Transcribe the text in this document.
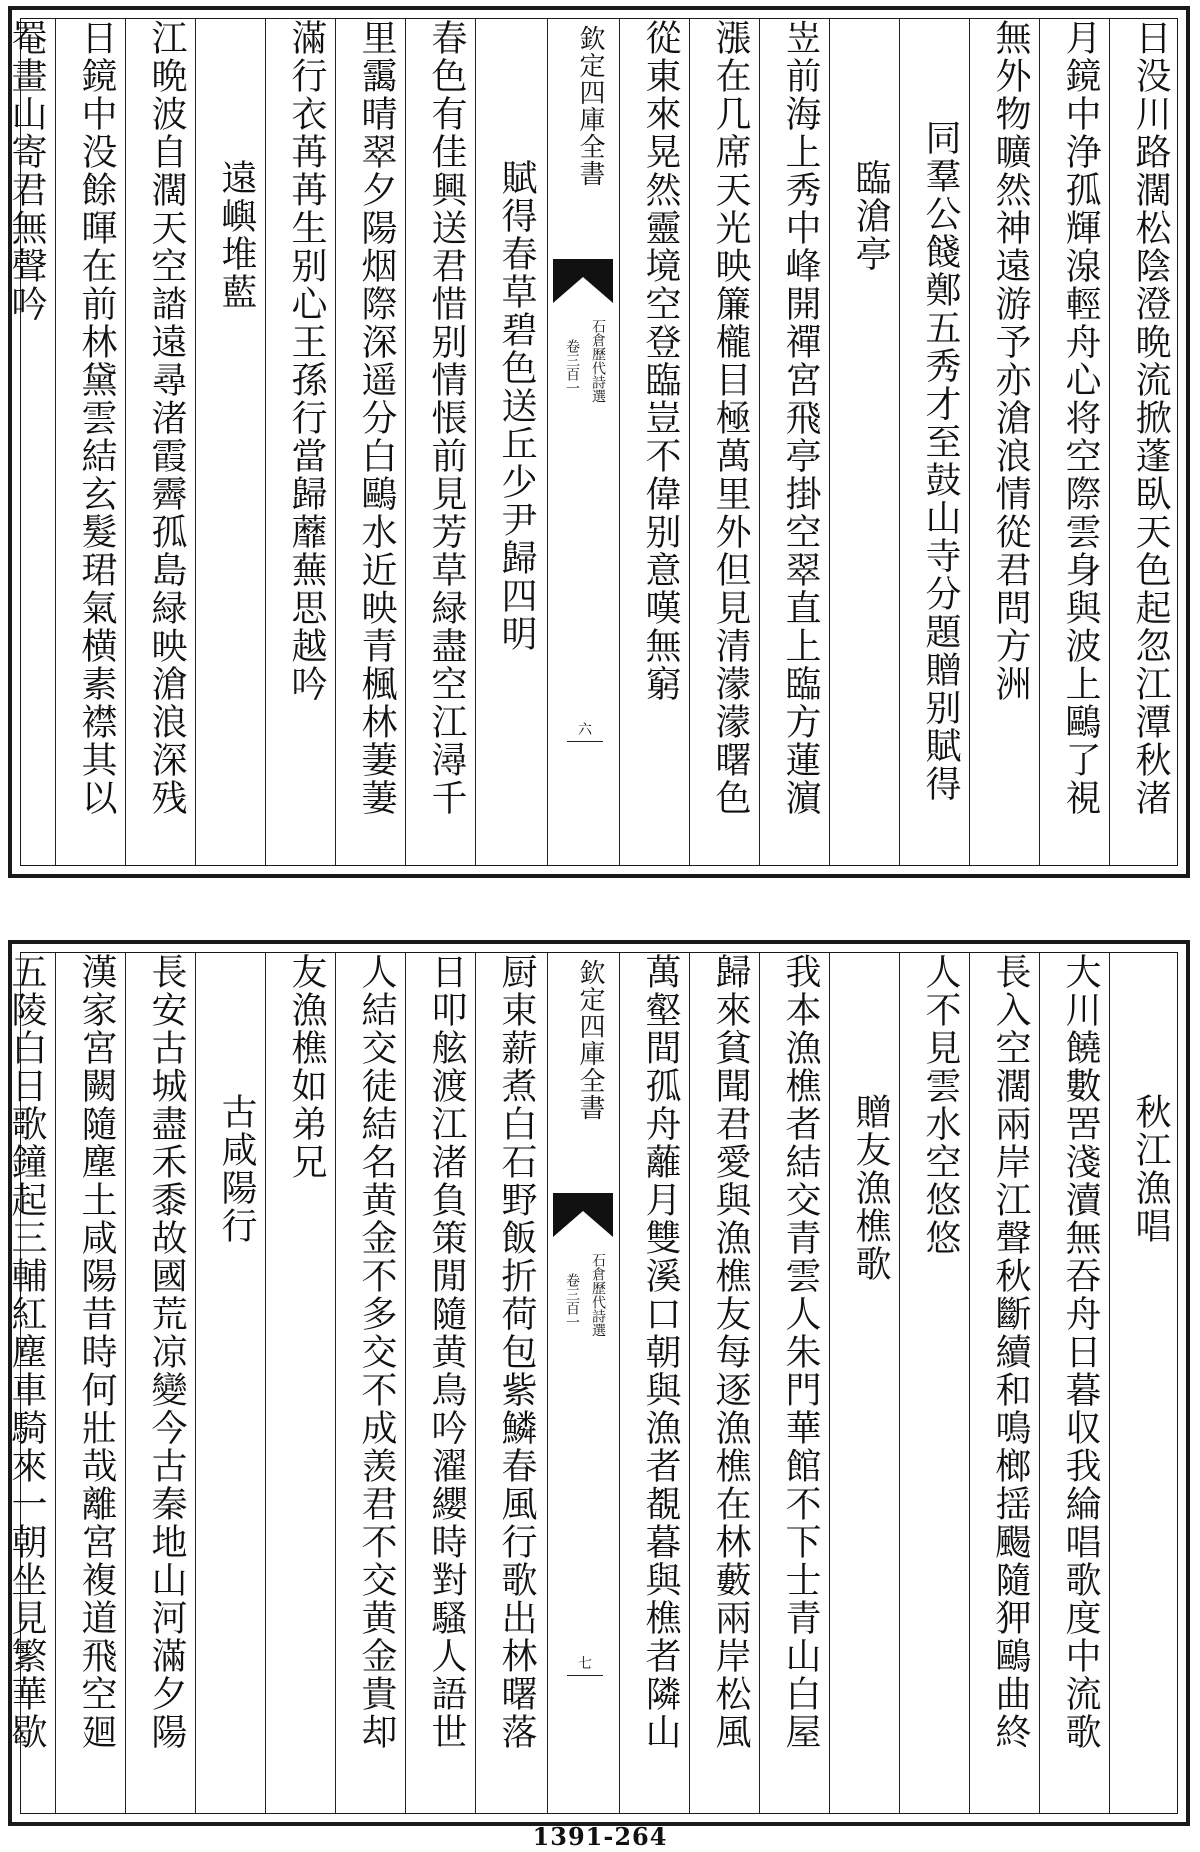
日没川路濶松陰澄晩流掀蓬臥天色起忽江潭秋渚
月鏡中浄孤輝湶輕舟心将空際雲身與波上鷗了視
無外物曠然神遠游予亦滄浪情從君問方洲
同羣公餞鄭五秀才至鼓山寺分題贈别賦得
臨滄亭
岦前海上秀中峰開禪宮飛亭掛空翠直上臨方蓮濵
漲在几席天光映簾櫳目極萬里外但見清濛濛曙色
從東來晃然靈境空登臨豈不偉别意嘆無窮
欽定四庫全書
石倉歷代詩選
卷三百一
六
賦得春草碧色送丘少尹歸四明
春色有佳興送君惜别情悵前見芳草緑盡空江潯千
里靄晴翠夕陽烟際深遥分白鷗水近映青楓林萋萋
滿行衣苒苒生别心王孫行當歸蘼蕪思越吟
遠嶼堆藍
江晩波自濶天空誻遠尋渚霞霽孤島緑映滄浪深残
日鏡中没餘暉在前林黛雲結玄髮珺氣横素襟其以
罨畫山寄君無聲吟
秋江漁唱
大川饒數罟淺瀆無吞舟日暮収我綸唱歌度中流歌
長入空濶兩岸江聲秋斷續和鳴榔揺颺隨狎鷗曲終
人不見雲水空悠悠
贈友漁樵歌
我本漁樵者結交青雲人朱門華館不下士青山白屋
歸來貧聞君愛與漁樵友每逐漁樵在林藪兩岸松風
萬壑間孤舟蘺月雙溪口朝與漁者覩暮與樵者隣山
欽定四庫全書
石倉歷代詩選
卷三百一
七
厨束薪煮白石野飯折荷包紫鱗春風行歌出林曙落
日叩舷渡江渚負策閒隨黄鳥吟濯纓時對騷人語世
人結交徒結名黄金不多交不成羡君不交黄金貴却
友漁樵如弟兄
古咸陽行
長安古城盡禾黍故國荒凉變今古秦地山河滿夕陽
漢家宮闕隨塵土咸陽昔時何壯哉離宮複道飛空廻
五陵白日歌鐘起三輔紅塵車騎來一朝坐見繁華歇
1391-264
